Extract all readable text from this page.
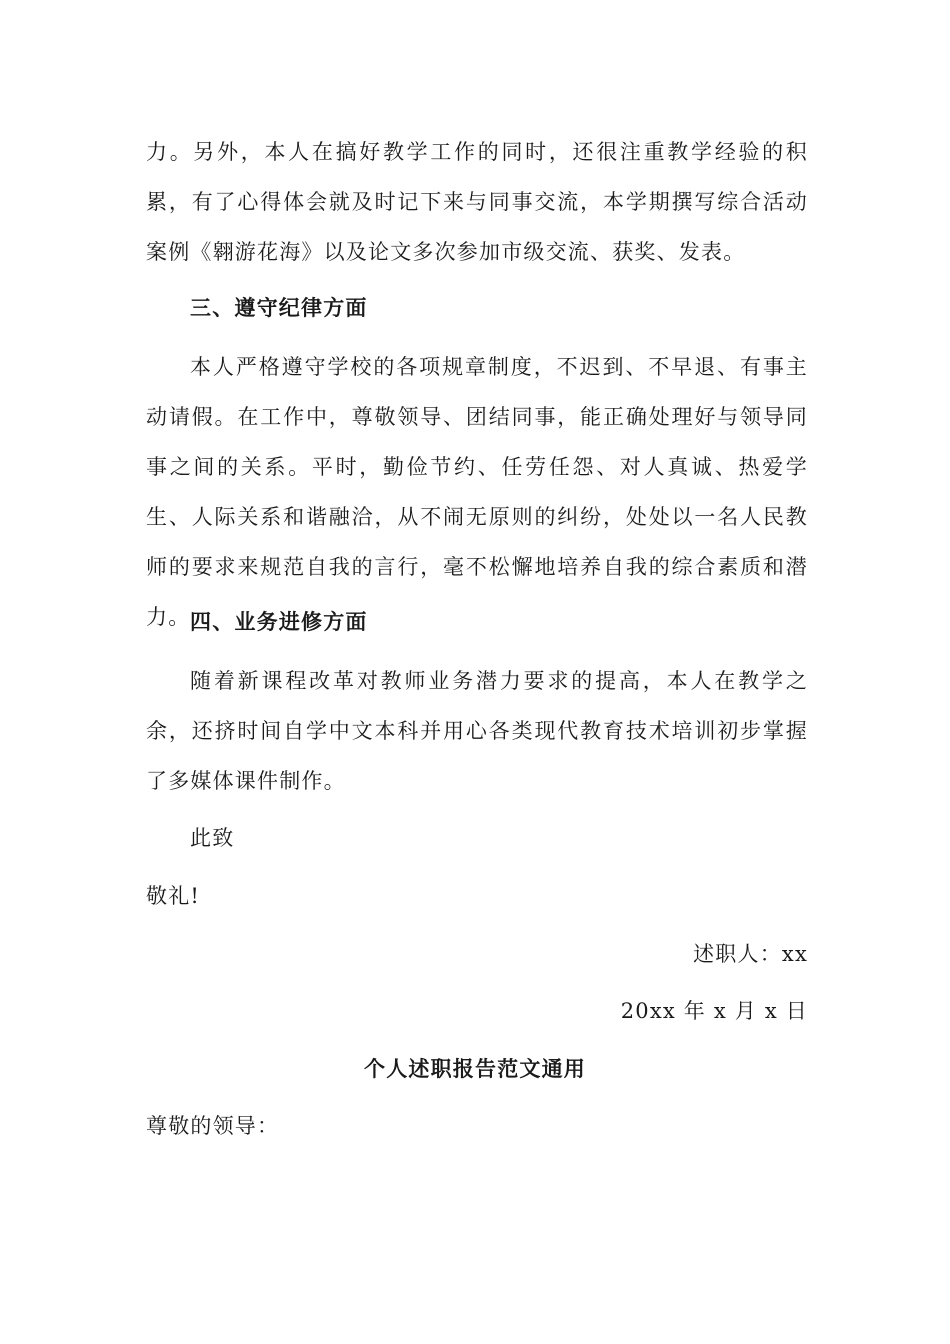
力。另外，本人在搞好教学工作的同时，还很注重教学经验的积累，有了心得体会就及时记下来与同事交流，本学期撰写综合活动案例《翱游花海》以及论文多次参加市级交流、获奖、发表。

三、遵守纪律方面

本人严格遵守学校的各项规章制度，不迟到、不早退、有事主动请假。在工作中，尊敬领导、团结同事，能正确处理好与领导同事之间的关系。平时，勤俭节约、任劳任怨、对人真诚、热爱学生、人际关系和谐融洽，从不闹无原则的纠纷，处处以一名人民教师的要求来规范自我的言行，毫不松懈地培养自我的综合素质和潜力。 四、业务进修方面

随着新课程改革对教师业务潜力要求的提高，本人在教学之余，还挤时间自学中文本科并用心各类现代教育技术培训初步掌握了多媒体课件制作。

此致

敬礼!

述职人：xx

20xx 年 x 月 x 日

个人述职报告范文通用

尊敬的领导：
